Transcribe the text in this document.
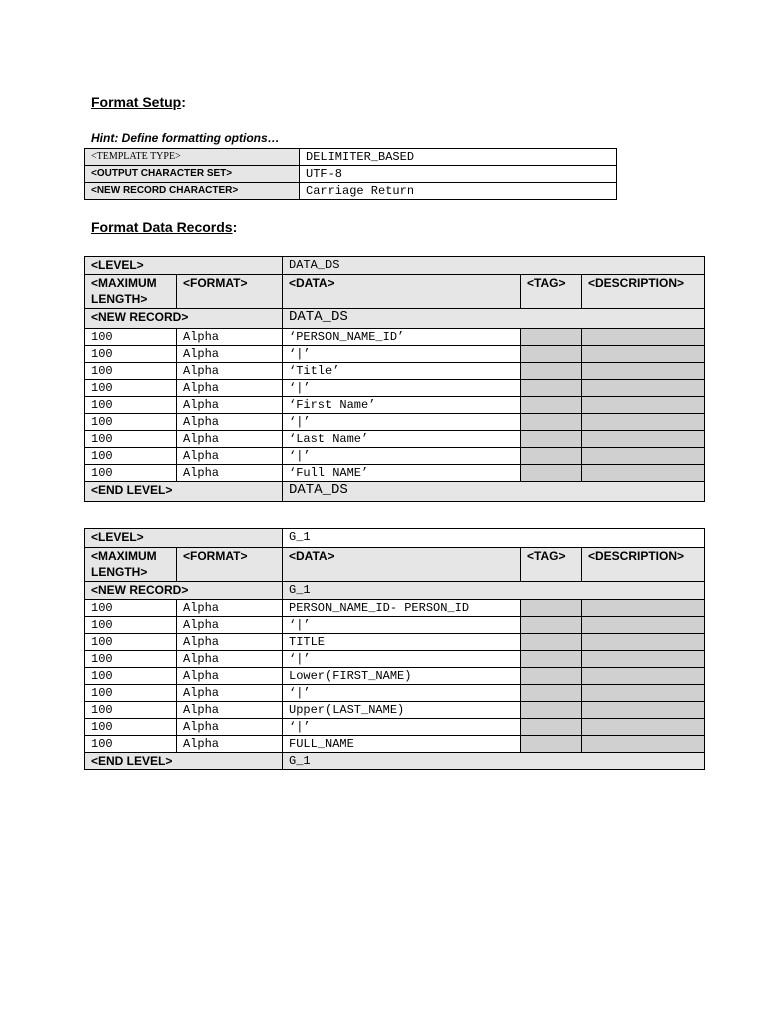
Format Setup:
Hint: Define formatting options…
<TEMPLATE TYPE>	DELIMITER_BASED
<OUTPUT CHARACTER SET>	UTF-8
<NEW RECORD CHARACTER>	Carriage Return
Format Data Records:
<LEVEL>		DATA_DS		
<MAXIMUM LENGTH>	<FORMAT>	<DATA>	<TAG>	<DESCRIPTION>
<NEW RECORD>		DATA_DS		
100	Alpha	‘PERSON_NAME_ID’		
100	Alpha	‘|’		
100	Alpha	‘Title’		
100	Alpha	‘|’		
100	Alpha	‘First Name’		
100	Alpha	‘|’		
100	Alpha	‘Last Name’		
100	Alpha	‘|’		
100	Alpha	‘Full NAME’		
<END LEVEL>		DATA_DS		
<LEVEL>		G_1		
<MAXIMUM LENGTH>	<FORMAT>	<DATA>	<TAG>	<DESCRIPTION>
<NEW RECORD>		G_1		
100	Alpha	PERSON_NAME_ID- PERSON_ID		
100	Alpha	‘|’		
100	Alpha	TITLE		
100	Alpha	‘|’		
100	Alpha	Lower(FIRST_NAME)		
100	Alpha	‘|’		
100	Alpha	Upper(LAST_NAME)		
100	Alpha	‘|’		
100	Alpha	FULL_NAME		
<END LEVEL>		G_1		
